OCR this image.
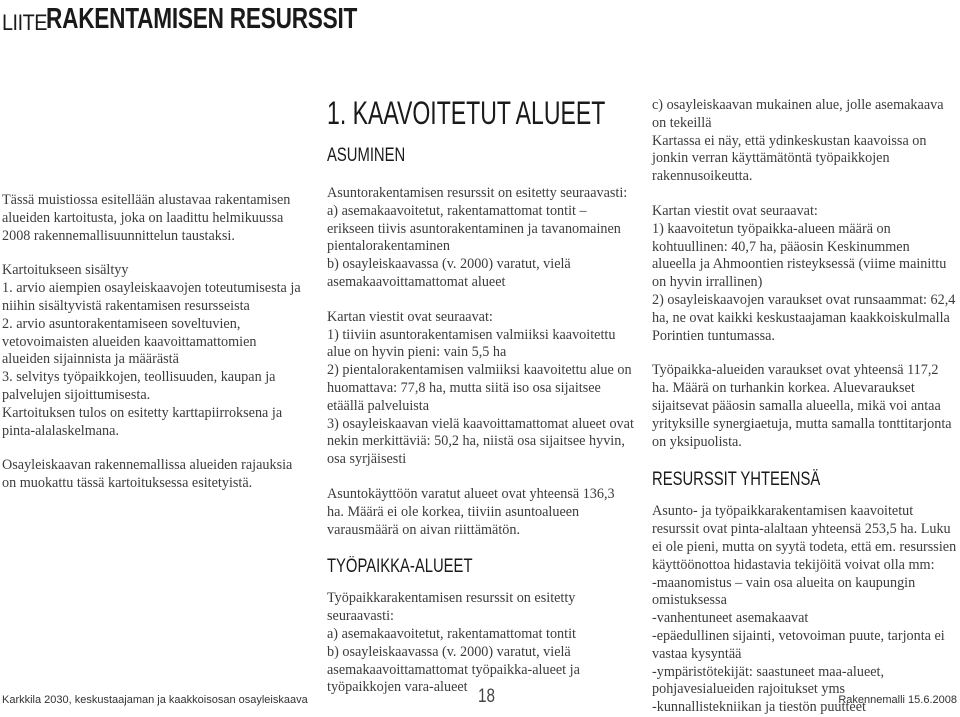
LIITE RAKENTAMISEN RESURSSIT

Tässä muistiossa esitellään alustavaa rakentamisen alueiden kartoitusta, joka on laadittu helmikuussa 2008 rakennemallisuunnittelun taustaksi.

Kartoitukseen sisältyy

1. arvio aiempien osayleiskaavojen toteutumisesta ja niihin sisältyvistä rakentamisen resursseista

2. arvio asuntorakentamiseen soveltuvien, vetovoimaisten alueiden kaavoittamattomien alueiden sijainnista ja määrästä

3. selvitys työpaikkojen, teollisuuden, kaupan ja palvelujen sijoittumisesta.

Kartoituksen tulos on esitetty karttapiirroksena ja pinta-alalaskelmana.

Osayleiskaavan rakennemallissa alueiden rajauksia on muokattu tässä kartoituksessa esitetyistä.

1. KAAVOITETUT ALUEET
ASUMINEN

Asuntorakentamisen resurssit on esitetty seuraavasti:

a) asemakaavoitetut, rakentamattomat tontit – erikseen tiivis asuntorakentaminen ja tavanomainen pientalorakentaminen

b) osayleiskaavassa (v. 2000) varatut, vielä asemakaavoittamattomat alueet

Kartan viestit ovat seuraavat:

1) tiiviin asuntorakentamisen valmiiksi kaavoitettu alue on hyvin pieni: vain 5,5 ha

2) pientalorakentamisen valmiiksi kaavoitettu alue on huomattava: 77,8 ha, mutta siitä iso osa sijaitsee etäällä palveluista

3) osayleiskaavan vielä kaavoittamattomat alueet ovat nekin merkittäviä: 50,2 ha, niistä osa sijaitsee hyvin, osa syrjäisesti

Asuntokäyttöön varatut alueet ovat yhteensä 136,3 ha. Määrä ei ole korkea, tiiviin asuntoalueen varausmäärä on aivan riittämätön.

TYÖPAIKKA-ALUEET

Työpaikkarakentamisen resurssit on esitetty seuraavasti:

a) asemakaavoitetut, rakentamattomat tontit

b) osayleiskaavassa (v. 2000) varatut, vielä asemakaavoittamattomat työpaikka-alueet ja työpaikkojen vara-alueet

c) osayleiskaavan mukainen alue, jolle asemakaava on tekeillä

Kartassa ei näy, että ydinkeskustan kaavoissa on jonkin verran käyttämätöntä työpaikkojen rakennusoikeutta.

Kartan viestit ovat seuraavat:

1) kaavoitetun työpaikka-alueen määrä on kohtuullinen: 40,7 ha, pääosin Keskinummen alueella ja Ahmoontien risteyksessä (viime mainittu on hyvin irrallinen)

2) osayleiskaavojen varaukset ovat runsaammat: 62,4 ha, ne ovat kaikki keskustaajaman kaakkoiskulmalla Porintien tuntumassa.

Työpaikka-alueiden varaukset ovat yhteensä 117,2 ha. Määrä on turhankin korkea. Aluevaraukset sijaitsevat pääosin samalla alueella, mikä voi antaa yrityksille synergiaetuja, mutta samalla tonttitarjonta on yksipuolista.

RESURSSIT YHTEENSÄ

Asunto- ja työpaikkarakentamisen kaavoitetut resurssit ovat pinta-alaltaan yhteensä 253,5 ha. Luku ei ole pieni, mutta on syytä todeta, että em. resurssien käyttöönottoa hidastavia tekijöitä voivat olla mm:

-maanomistus – vain osa alueita on kaupungin omistuksessa

-vanhentuneet asemakaavat

-epäedullinen sijainti, vetovoiman puute, tarjonta ei vastaa kysyntää

-ympäristötekijät: saastuneet maa-alueet, pohjavesialueiden rajoitukset yms

-kunnallistekniikan ja tiestön puutteet

Karkkila 2030, keskustaajaman ja kaakkoisosan osayleiskaava	18	Rakennemalli 15.6.2008
